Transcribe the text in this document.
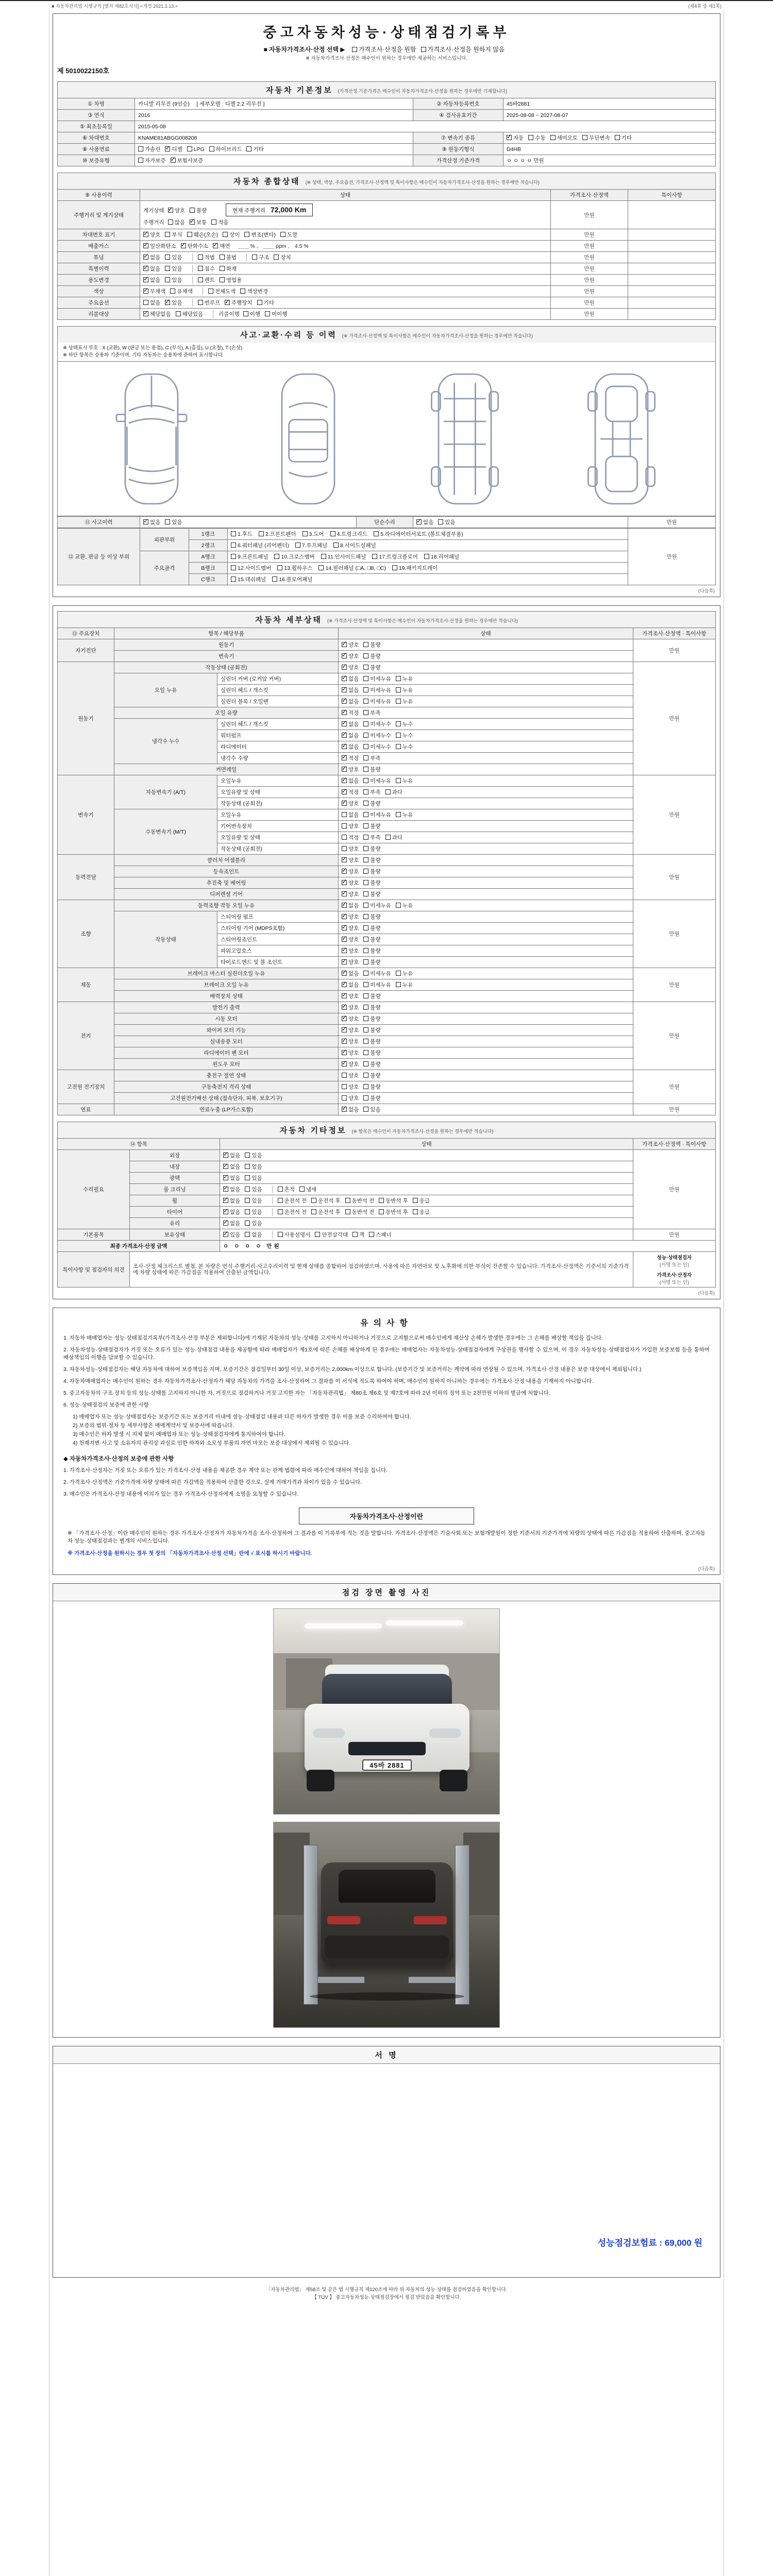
■ 자동차관리법 시행규칙 [별지 제82호서식] <개정 2021.1.13.>	(제4쪽 중 제1쪽)
중고자동차성능·상태점검기록부
■ 자동차가격조사·산정 선택 ▶ 가격조사·산정을 원함 가격조사·산정을 원하지 않음
※ 자동차가격조사·산정은 매수인이 원하는 경우에만 제공하는 서비스입니다.
제 5010022150호
자동차 기본정보 (가격산정 기준가격은 매수인이 자동차가격조사·산정을 원하는 경우에만 기재합니다)
① 차명	카니발 리무진 (9인승)　 [ 세부모델 : 디젤 2.2 리무진 ]	② 자동차등록번호	45바2881
③ 연식	2016	④ 검사유효기간	2025-08-08 ~ 2027-08-07
⑤ 최초등록일	2015-05-08		
⑥ 차대번호	KNAME81ABGG008208	⑦ 변속기 종류	✓자동 수동 세미오토 무단변속 기타
⑧ 사용연료	가솔린 ✓ 디젤 LPG 하이브리드 기타	⑨ 원동기형식	D4HB
⑩ 보증유형	자가보증 ✓ 보험사보증	가격산정 기준가격	ㅇ ㅇ ㅇ ㅇ 만원
자동차 종합상태 (※ 상태, 색상, 주요옵션, 가격조사·산정액 및 특이사항은 매수인이 자동차가격조사·산정을 원하는 경우에만 적습니다)
⑨ 사용이력	상태	가격조사·산정액	특이사항
주행거리 및 계기상태	계기상태 ✓ 양호 불량 현재 주행거리 72,000 Km
주행거리 많음 ✓ 보통 적음	만원	
차대번호 표기	✓양호 부식 훼손(오손) 상이 변조(변타) 도말	만원	
배출가스	✓일산화탄소 ✓ 탄화수소 ✓ 매연 ＿＿ % ,　＿＿ ppm ,　4.5 %	만원	
튜닝	✓없음 있음 적법 불법 구조 장치	만원	
특별이력	✓없음 있음 침수 화재	만원	
용도변경	✓없음 있음 렌트 영업용	만원	
색상	✓무채색 유채색 전체도색 색상변경	만원	
주요옵션	없음 ✓ 있음 썬루프 ✓ 주행장치 기타	만원	
리콜대상	✓해당없음 해당있음 리콜이행 이행 미이행	만원	
사고·교환·수리 등 이력 (※ 가격조사·산정액 및 특이사항은 매수인이 자동차가격조사·산정을 원하는 경우에만 적습니다)
※ 상태표시 부호 : X (교환), W (판금 또는 용접), C (부식), A (흠집), U (요철), T (손상)
※ 하단 항목은 승용차 기준이며, 기타 자동차는 승용차에 준하여 표시합니다.
⑪ 사고이력	✓없음 있음	단순수리	✓없음 있음	만원
⑫ 교환, 판금 등 이상 부위	외판부위	1랭크	1.후드 2.프론트펜더 3.도어 4.트렁크리드 5.라디에이터서포트 (볼트체결부품)	만원
		2랭크	6.쿼터패널 (리어펜더) 7.루프패널 8.사이드실패널	
	주요골격	A랭크	9.프론트패널 10.크로스멤버 11.인사이드패널 17.트렁크플로어 18.리어패널	
		B랭크	12.사이드멤버 13.휠하우스 14.필러패널 (□A, □B, □C) 19.패키지트레이	
		C랭크	15.대쉬패널 16.플로어패널	
(다음쪽)
자동차 세부상태 (※ 가격조사·산정액 및 특이사항은 매수인이 자동차가격조사·산정을 원하는 경우에만 적습니다)
⑬ 주요장치	항목 / 해당부품		상태	가격조사·산정액 · 특이사항
자기진단	원동기	✓양호 불량	만원
	변속기	✓양호 불량
원동기	작동상태 (공회전)	✓양호 불량	만원
	오일 누유	실린더 커버 (로커암 커버)	✓없음 미세누유 누유
		실린더 헤드 / 개스킷	✓없음 미세누유 누유
		실린더 블록 / 오일팬	✓없음 미세누유 누유
	오일 유량	✓적정 부족
	냉각수 누수	실린더 헤드 / 개스킷	✓없음 미세누수 누수
		워터펌프	✓없음 미세누수 누수
		라디에이터	✓없음 미세누수 누수
		냉각수 수량	✓적정 부족
	커먼레일	✓양호 불량
변속기	자동변속기 (A/T)	오일누유	✓없음 미세누유 누유	만원
		오일유량 및 상태	✓적정 부족 과다
		작동상태 (공회전)	✓양호 불량
	수동변속기 (M/T)	오일누유	없음 미세누유 누유	
		기어변속장치	양호 불량	
		오일유량 및 상태	적정 부족 과다	
		작동상태 (공회전)	양호 불량	
동력전달	클러치 어셈블리	✓양호 불량	만원
	등속조인트	✓양호 불량
	추진축 및 베어링	✓양호 불량
	디퍼렌셜 기어	✓양호 불량
조향	동력조향 작동 오일 누유	✓없음 미세누유 누유	만원
	작동상태	스티어링 펌프	✓양호 불량
		스티어링 기어 (MDPS포함)	✓양호 불량
		스티어링조인트	✓양호 불량
		파워고압호스	✓양호 불량
		타이로드엔드 및 볼 조인트	✓양호 불량
제동	브레이크 마스터 실린더오일 누유	✓없음 미세누유 누유	만원
	브레이크 오일 누유	✓없음 미세누유 누유
	배력장치 상태	✓양호 불량
전기	발전기 출력	✓양호 불량	만원
	시동 모터	✓양호 불량
	와이퍼 모터 기능	✓양호 불량
	실내송풍 모터	✓양호 불량
	라디에이터 팬 모터	✓양호 불량
	윈도우 모터	✓양호 불량
고전원 전기장치	충전구 절연 상태		양호 불량	만원
	구동축전지 격리 상태		양호 불량	
	고전원전기배선 상태 (접속단자, 피복, 보호기구)		양호 불량	
연료	연료누출 (LP가스포함)	✓없음 있음	만원
자동차 기타정보 (※ 항목은 매수인이 자동차가격조사·산정을 원하는 경우에만 적습니다)
⑭ 항목		상태	가격조사·산정액 · 특이사항
수리필요	외장	✓없음 있음	만원
	내장	✓없음 있음
	광택	✓없음 있음
	룸 크리닝	✓없음 있음 흔적 냄새
	휠	✓없음 있음 운전석 전 운전석 후 동반석 전 동반석 후 응급
	타이어	✓없음 있음 운전석 전 운전석 후 동반석 전 동반석 후 응급
	유리	✓없음 있음
기본품목	보유상태	✓있음 없음 사용설명서 안전삼각대 잭 스패너	만원
최종 가격조사·산정 금액		ㅇ ㅇ ㅇ ㅇ 만원	
특이사항 및 점검자의 의견	조사·산정 체크리스트 별첨. 본 차량은 연식·주행거리·사고수리이력 및 현재 상태를 종합하여 점검하였으며, 사용에 따른 자연마모 및 노후화에 의한 부식이 잔존할 수 있습니다. 가격조사·산정액은 기준서의 기준가격에 차량 상태에 따른 가감점을 적용하여 산출된 금액입니다.		성능·상태점검자
(서명 또는 인)
가격조사·산정자
(서명 또는 인)
(다음쪽)
유의사항
1. 자동차 매매업자는 성능·상태점검기록부(가격조사·산정 부분은 제외합니다)에 기재된 자동차의 성능·상태를 고지하지 아니하거나 거짓으로 고지함으로써 매수인에게 재산상 손해가 발생한 경우에는 그 손해를 배상할 책임을 집니다.
2. 자동차성능·상태점검자가 거짓 또는 오류가 있는 성능·상태점검 내용을 제공함에 따라 매매업자가 제1호에 따른 손해를 배상하게 된 경우에는 매매업자는 자동차성능·상태점검자에게 구상권을 행사할 수 있으며, 이 경우 자동차성능·상태점검자가 가입한 보증보험 등을 통하여 배상책임의 이행을 담보할 수 있습니다.
3. 자동차성능·상태점검자는 해당 자동차에 대하여 보증책임을 지며, 보증기간은 점검일부터 30일 이상, 보증거리는 2,000km 이상으로 합니다. (보증기간 및 보증거리는 계약에 따라 연장될 수 있으며, 가격조사·산정 내용은 보증 대상에서 제외됩니다.)
4. 자동차매매업자는 매수인이 원하는 경우 자동차가격조사·산정자가 해당 자동차의 가격을 조사·산정하여 그 결과를 이 서식에 적도록 하여야 하며, 매수인이 원하지 아니하는 경우에는 가격조사·산정 내용을 기재하지 아니합니다.
5. 중고자동차의 구조·장치 등의 성능·상태를 고지하지 아니한 자, 거짓으로 점검하거나 거짓 고지한 자는 「자동차관리법」 제80조 제6호 및 제7호에 따라 2년 이하의 징역 또는 2천만원 이하의 벌금에 처합니다.
6. 성능·상태점검의 보증에 관한 사항
1) 매매업자 또는 성능·상태점검자는 보증기간 또는 보증거리 이내에 성능·상태점검 내용과 다른 하자가 발생한 경우 이를 보증 수리하여야 합니다.
2) 보증의 범위·절차 등 세부사항은 매매계약서 및 보증서에 따릅니다.
3) 매수인은 하자 발생 시 지체 없이 매매업자 또는 성능·상태점검자에게 통지하여야 합니다.
4) 천재지변·사고 및 소유자의 관리상 과실로 인한 하자와 소모성 부품의 자연 마모는 보증 대상에서 제외될 수 있습니다.
◆ 자동차가격조사·산정의 보증에 관한 사항
1. 가격조사·산정자는 거짓 또는 오류가 있는 가격조사·산정 내용을 제공한 경우 계약 또는 관계 법령에 따라 매수인에 대하여 책임을 집니다.
2. 가격조사·산정액은 기준가격에 차량 상태에 따른 가감액을 적용하여 산출한 것으로, 실제 거래가격과 차이가 있을 수 있습니다.
3. 매수인은 가격조사·산정 내용에 이의가 있는 경우 가격조사·산정자에게 소명을 요청할 수 있습니다.
자동차가격조사·산정이란
※ 「가격조사·산정」이란 매수인이 원하는 경우 가격조사·산정자가 자동차가격을 조사·산정하여 그 결과를 이 기록부에 적는 것을 말합니다. 가격조사·산정액은 기술사회 또는 보험개발원이 정한 기준서의 기준가격에 차량의 상태에 따른 가감점을 적용하여 산출하며, 중고자동차 성능·상태점검과는 별개의 서비스입니다.
※ 가격조사·산정을 원하시는 경우 첫 장의 「자동차가격조사·산정 선택」란에 √ 표시를 하시기 바랍니다.
(다음쪽)
점검 장면 촬영 사진
45바 2881
서 명
성능점검보험료 : 69,000 원
「자동차관리법」 제58조 및 같은 법 시행규칙 제120조에 따라 위 자동차의 성능·상태를 점검하였음을 확인합니다.
【 TÜV 】 중고자동차성능·상태점검장에서 점검 받았음을 확인합니다.
